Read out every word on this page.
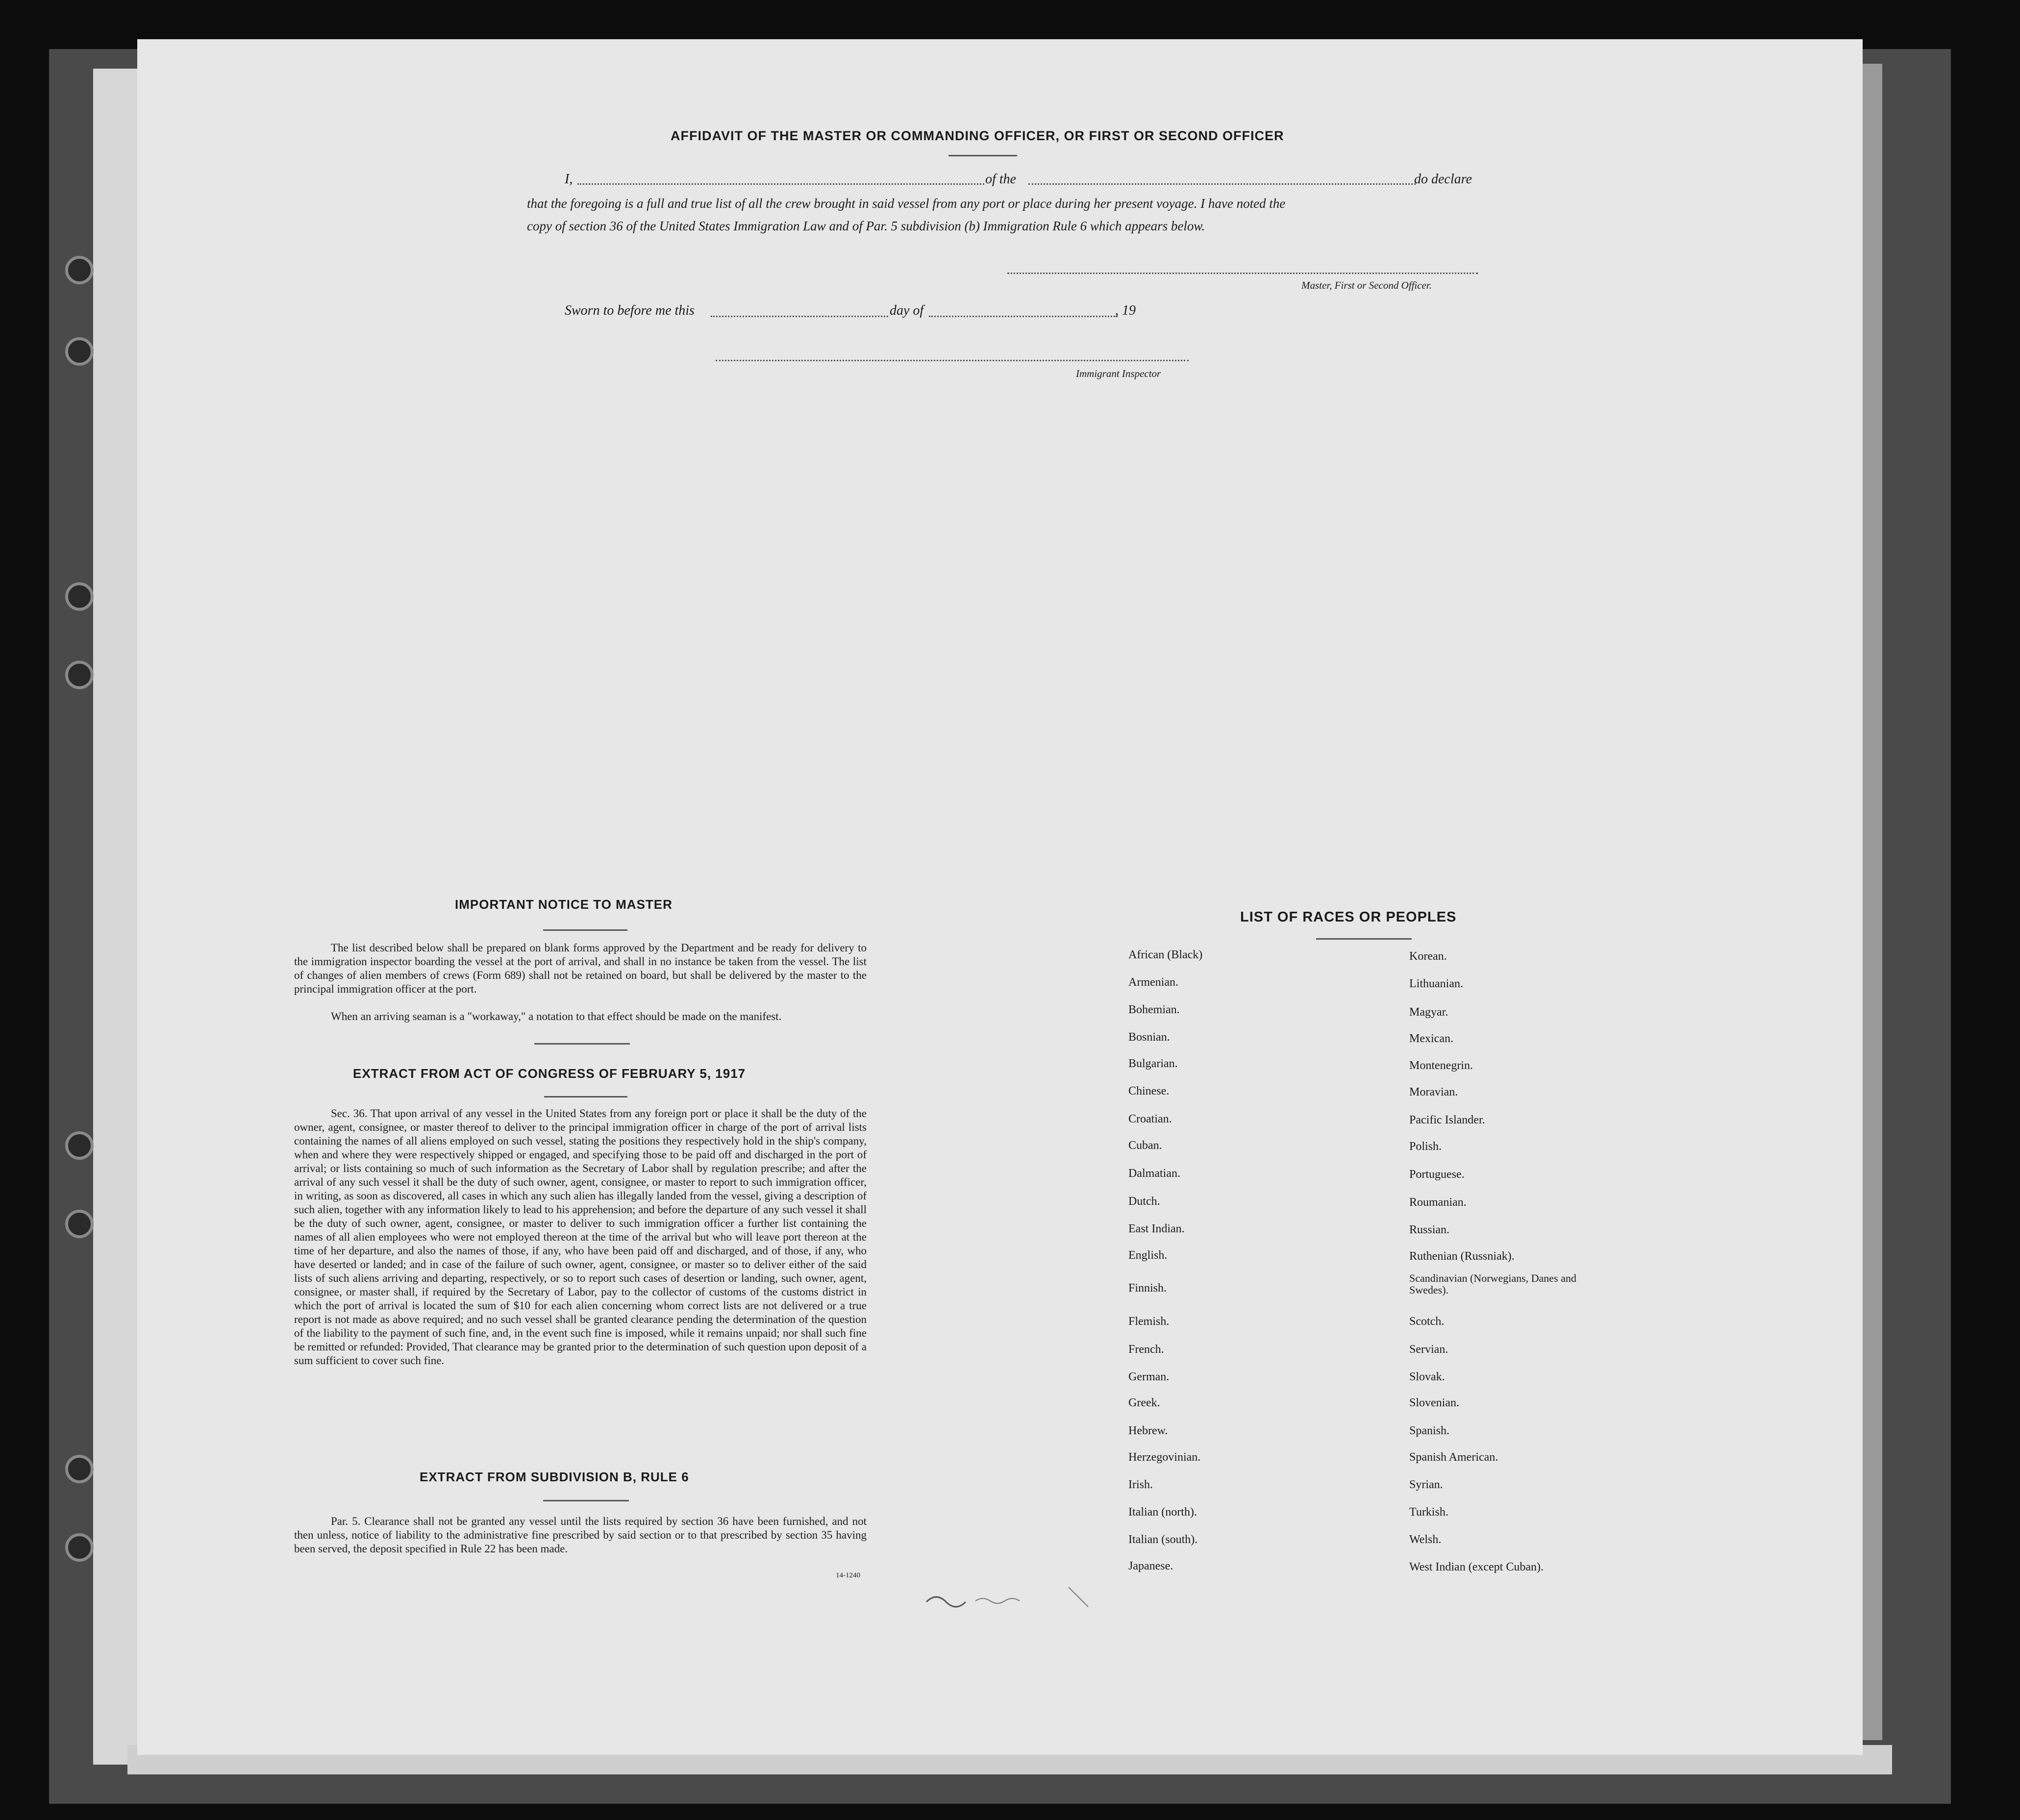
AFFIDAVIT OF THE MASTER OR COMMANDING OFFICER, OR FIRST OR SECOND OFFICER
I,	of the	do declare
that the foregoing is a full and true list of all the crew brought in said vessel from any port or place during her present voyage. I have noted the
copy of section 36 of the United States Immigration Law and of Par. 5 subdivision (b) Immigration Rule 6 which appears below.
Master, First or Second Officer.
Sworn to before me this	day of	, 19
Immigrant Inspector
IMPORTANT NOTICE TO MASTER
The list described below shall be prepared on blank forms approved by the Department and be ready for delivery to the immigration inspector boarding the vessel at the port of arrival, and shall in no instance be taken from the vessel. The list of changes of alien members of crews (Form 689) shall not be retained on board, but shall be delivered by the master to the principal immigration officer at the port.
When an arriving seaman is a "workaway," a notation to that effect should be made on the manifest.
EXTRACT FROM ACT OF CONGRESS OF FEBRUARY 5, 1917
Sec. 36. That upon arrival of any vessel in the United States from any foreign port or place it shall be the duty of the owner, agent, consignee, or master thereof to deliver to the principal immigration officer in charge of the port of arrival lists containing the names of all aliens employed on such vessel, stating the positions they respectively hold in the ship's company, when and where they were respectively shipped or engaged, and specifying those to be paid off and discharged in the port of arrival; or lists containing so much of such information as the Secretary of Labor shall by regulation prescribe; and after the arrival of any such vessel it shall be the duty of such owner, agent, consignee, or master to report to such immigration officer, in writing, as soon as discovered, all cases in which any such alien has illegally landed from the vessel, giving a description of such alien, together with any information likely to lead to his apprehension; and before the departure of any such vessel it shall be the duty of such owner, agent, consignee, or master to deliver to such immigration officer a further list containing the names of all alien employees who were not employed thereon at the time of the arrival but who will leave port thereon at the time of her departure, and also the names of those, if any, who have been paid off and discharged, and of those, if any, who have deserted or landed; and in case of the failure of such owner, agent, consignee, or master so to deliver either of the said lists of such aliens arriving and departing, respectively, or so to report such cases of desertion or landing, such owner, agent, consignee, or master shall, if required by the Secretary of Labor, pay to the collector of customs of the customs district in which the port of arrival is located the sum of $10 for each alien concerning whom correct lists are not delivered or a true report is not made as above required; and no such vessel shall be granted clearance pending the determination of the question of the liability to the payment of such fine, and, in the event such fine is imposed, while it remains unpaid; nor shall such fine be remitted or refunded: Provided, That clearance may be granted prior to the determination of such question upon deposit of a sum sufficient to cover such fine.
EXTRACT FROM SUBDIVISION B, RULE 6
Par. 5. Clearance shall not be granted any vessel until the lists required by section 36 have been furnished, and not then unless, notice of liability to the administrative fine prescribed by said section or to that prescribed by section 35 having been served, the deposit specified in Rule 22 has been made.
14-1240
LIST OF RACES OR PEOPLES
African (Black)
Armenian.
Bohemian.
Bosnian.
Bulgarian.
Chinese.
Croatian.
Cuban.
Dalmatian.
Dutch.
East Indian.
English.
Finnish.
Flemish.
French.
German.
Greek.
Hebrew.
Herzegovinian.
Irish.
Italian (north).
Italian (south).
Japanese.
Korean.
Lithuanian.
Magyar.
Mexican.
Montenegrin.
Moravian.
Pacific Islander.
Polish.
Portuguese.
Roumanian.
Russian.
Ruthenian (Russniak).
Scandinavian (Norwegians, Danes and Swedes).
Scotch.
Servian.
Slovak.
Slovenian.
Spanish.
Spanish American.
Syrian.
Turkish.
Welsh.
West Indian (except Cuban).
